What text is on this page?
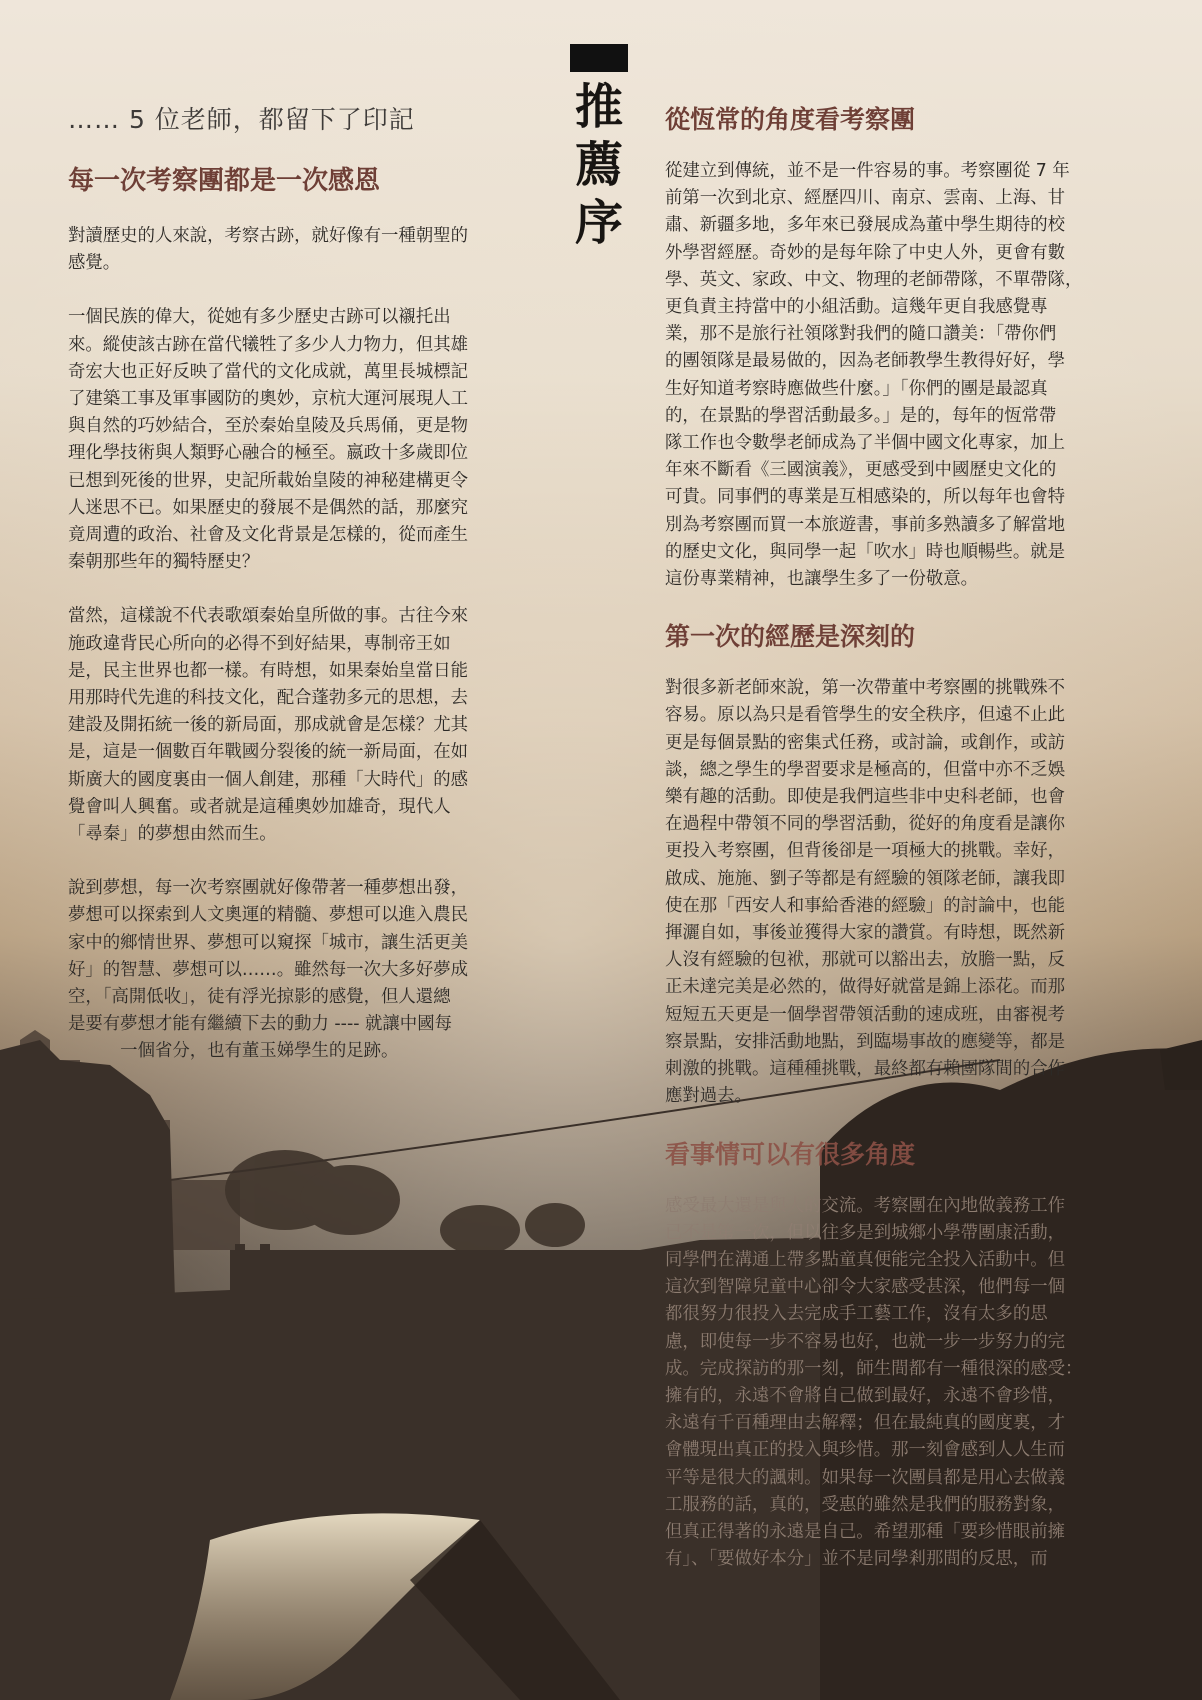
推薦序
…… 5 位老師，都留下了印記
每一次考察團都是一次感恩

對讀歷史的人來說，考察古跡，就好像有一種朝聖的
感覺。

一個民族的偉大，從她有多少歷史古跡可以襯托出
來。縱使該古跡在當代犧牲了多少人力物力，但其雄
奇宏大也正好反映了當代的文化成就，萬里長城標記
了建築工事及軍事國防的奧妙，京杭大運河展現人工
與自然的巧妙結合，至於秦始皇陵及兵馬俑，更是物
理化學技術與人類野心融合的極至。嬴政十多歲即位
已想到死後的世界，史記所載始皇陵的神秘建構更令
人迷思不已。如果歷史的發展不是偶然的話，那麼究
竟周遭的政治、社會及文化背景是怎樣的，從而產生
秦朝那些年的獨特歷史？

當然，這樣說不代表歌頌秦始皇所做的事。古往今來
施政違背民心所向的必得不到好結果，專制帝王如
是，民主世界也都一樣。有時想，如果秦始皇當日能
用那時代先進的科技文化，配合蓬勃多元的思想，去
建設及開拓統一後的新局面，那成就會是怎樣？尤其
是，這是一個數百年戰國分裂後的統一新局面，在如
斯廣大的國度裏由一個人創建，那種「大時代」的感
覺會叫人興奮。或者就是這種奧妙加雄奇，現代人
「尋秦」的夢想由然而生。

說到夢想，每一次考察團就好像帶著一種夢想出發，
夢想可以探索到人文奧運的精髓、夢想可以進入農民
家中的鄉情世界、夢想可以窺探「城市，讓生活更美
好」的智慧、夢想可以……。雖然每一次大多好夢成
空，「高開低收」，徒有浮光掠影的感覺，但人還總
是要有夢想才能有繼續下去的動力 ---- 就讓中國每
　　　一個省分，也有董玉娣學生的足跡。

從恆常的角度看考察團

從建立到傳統，並不是一件容易的事。考察團從 7 年
前第一次到北京、經歷四川、南京、雲南、上海、甘
肅、新疆多地，多年來已發展成為董中學生期待的校
外學習經歷。奇妙的是每年除了中史人外，更會有數
學、英文、家政、中文、物理的老師帶隊，不單帶隊，
更負責主持當中的小組活動。這幾年更自我感覺專
業，那不是旅行社領隊對我們的隨口讚美：「帶你們
的團領隊是最易做的，因為老師教學生教得好好，學
生好知道考察時應做些什麼。」「你們的團是最認真
的，在景點的學習活動最多。」是的，每年的恆常帶
隊工作也令數學老師成為了半個中國文化專家，加上
年來不斷看《三國演義》，更感受到中國歷史文化的
可貴。同事們的專業是互相感染的，所以每年也會特
別為考察團而買一本旅遊書，事前多熟讀多了解當地
的歷史文化，與同學一起「吹水」時也順暢些。就是
這份專業精神，也讓學生多了一份敬意。

第一次的經歷是深刻的

對很多新老師來說，第一次帶董中考察團的挑戰殊不
容易。原以為只是看管學生的安全秩序，但遠不止此
更是每個景點的密集式任務，或討論，或創作，或訪
談，總之學生的學習要求是極高的，但當中亦不乏娛
樂有趣的活動。即使是我們這些非中史科老師，也會
在過程中帶領不同的學習活動，從好的角度看是讓你
更投入考察團，但背後卻是一項極大的挑戰。幸好，
啟成、施施、劉子等都是有經驗的領隊老師，讓我即
使在那「西安人和事給香港的經驗」的討論中，也能
揮灑自如，事後並獲得大家的讚賞。有時想，既然新
人沒有經驗的包袱，那就可以豁出去，放膽一點，反
正未達完美是必然的，做得好就當是錦上添花。而那
短短五天更是一個學習帶領活動的速成班，由審視考
察景點，安排活動地點，到臨場事故的應變等，都是
刺激的挑戰。這種種挑戰，最終都有賴團隊間的合作
應對過去。

看事情可以有很多角度

感受最大還是與人的交流。考察團在內地做義務工作
已不是第一次，但以往多是到城鄉小學帶團康活動，
同學們在溝通上帶多點童真便能完全投入活動中。但
這次到智障兒童中心卻令大家感受甚深，他們每一個
都很努力很投入去完成手工藝工作，沒有太多的思
慮，即使每一步不容易也好，也就一步一步努力的完
成。完成探訪的那一刻，師生間都有一種很深的感受：
擁有的，永遠不會將自己做到最好，永遠不會珍惜，
永遠有千百種理由去解釋；但在最純真的國度裏，才
會體現出真正的投入與珍惜。那一刻會感到人人生而
平等是很大的諷刺。如果每一次團員都是用心去做義
工服務的話，真的，受惠的雖然是我們的服務對象，
但真正得著的永遠是自己。希望那種「要珍惜眼前擁
有」、「要做好本分」並不是同學剎那間的反思，而
